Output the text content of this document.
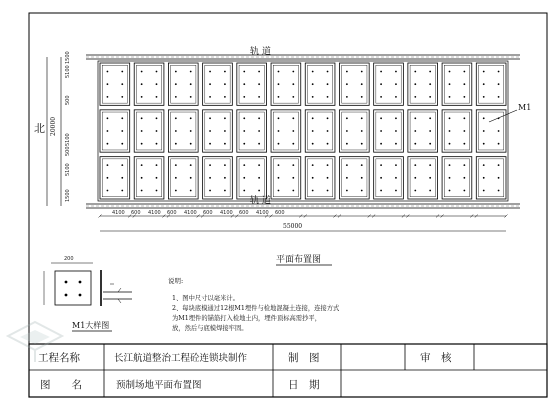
轨 道
轨 道
北 20000
1500
5100
500
5100
500
5100
1500
M1
4100 600 4100 600 4100 600 4100 600 4100 600
55000
平面布置图
200
M1大样图
说明:
1、图中尺寸以毫米计。
2、每块底模通过12根M1埋件与检地混凝土连接，连接方式
为M1埋件的锚筋打入检地土内，埋件顶标高需抄平，
放，然后与底模焊接牢固。
工程名称	长江航道整治工程砼连锁块制作	制　图	审　核
图　　名	预制场地平面布置图	日　期
